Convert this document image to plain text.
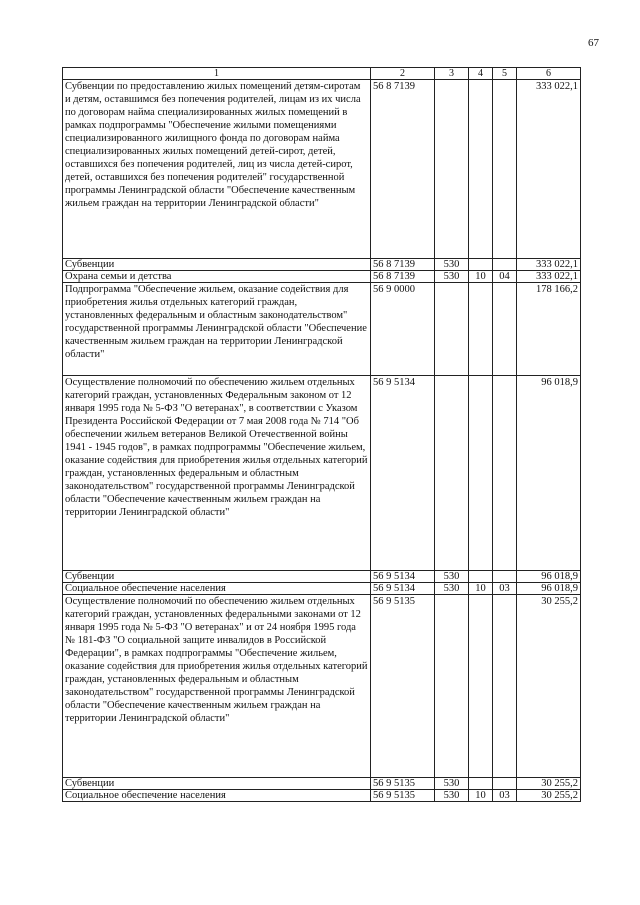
67
1	2	3	4	5	6
Субвенции по предоставлению жилых помещений детям-сиротам и детям, оставшимся без попечения родителей, лицам из их числа по договорам найма специализированных жилых помещений в рамках подпрограммы "Обеспечение жилыми помещениями специализированного жилищного фонда по договорам найма специализированных жилых помещений детей-сирот, детей, оставшихся без попечения родителей, лиц из числа детей-сирот, детей, оставшихся без попечения родителей" государственной программы Ленинградской области "Обеспечение качественным жильем граждан на территории Ленинградской области"	56 8 7139				333 022,1
Субвенции	56 8 7139	530			333 022,1
Охрана семьи и детства	56 8 7139	530	10	04	333 022,1
Подпрограмма "Обеспечение жильем, оказание содействия для приобретения жилья отдельных категорий граждан, установленных федеральным и областным законодательством" государственной программы Ленинградской области "Обеспечение качественным жильем граждан на территории Ленинградской области"	56 9 0000				178 166,2
Осуществление полномочий по обеспечению жильем отдельных категорий граждан, установленных Федеральным законом от 12 января 1995 года № 5-ФЗ "О ветеранах", в соответствии с Указом Президента Российской Федерации от 7 мая 2008 года № 714 "Об обеспечении жильем ветеранов Великой Отечественной войны 1941 - 1945 годов", в рамках подпрограммы "Обеспечение жильем, оказание содействия для приобретения жилья отдельных категорий граждан, установленных федеральным и областным законодательством" государственной программы Ленинградской области "Обеспечение качественным жильем граждан на территории Ленинградской области"	56 9 5134				96 018,9
Субвенции	56 9 5134	530			96 018,9
Социальное обеспечение населения	56 9 5134	530	10	03	96 018,9
Осуществление полномочий по обеспечению жильем отдельных категорий граждан, установленных федеральными законами от 12 января 1995 года № 5-ФЗ "О ветеранах" и от 24 ноября 1995 года № 181-ФЗ "О социальной защите инвалидов в Российской Федерации", в рамках подпрограммы "Обеспечение жильем, оказание содействия для приобретения жилья отдельных категорий граждан, установленных федеральным и областным законодательством" государственной программы Ленинградской области "Обеспечение качественным жильем граждан на территории Ленинградской области"	56 9 5135				30 255,2
Субвенции	56 9 5135	530			30 255,2
Социальное обеспечение населения	56 9 5135	530	10	03	30 255,2
